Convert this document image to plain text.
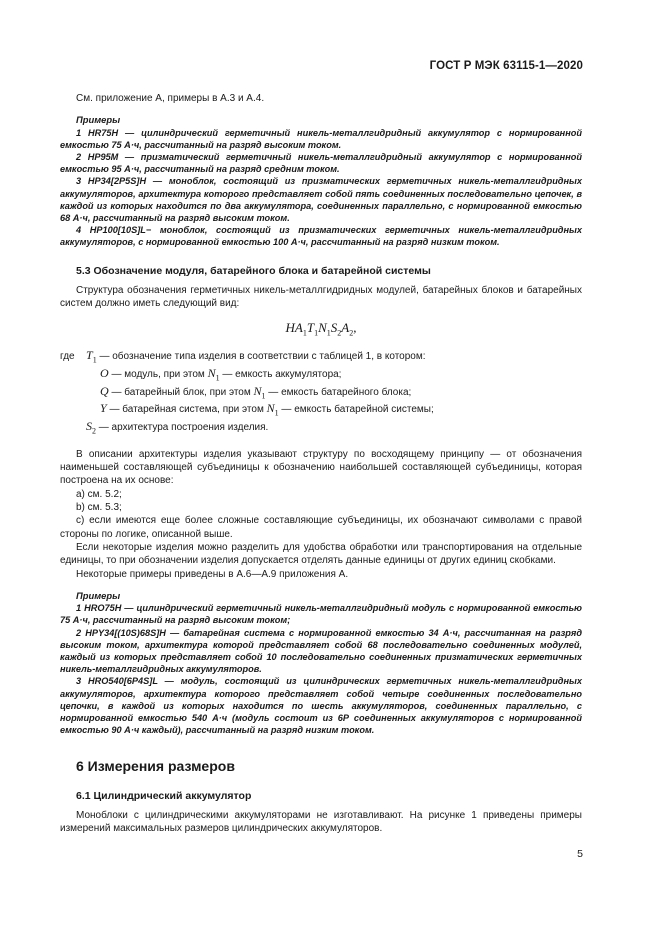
ГОСТ Р МЭК 63115-1—2020

См. приложение А, примеры в А.3 и А.4.

Примеры

1 HR75H — цилиндрический герметичный никель-металлгидридный аккумулятор с нормированной емкостью 75 А·ч, рассчитанный на разряд высоким током.

2 HP95M — призматический герметичный никель-металлгидридный аккумулятор с нормированной емкостью 95 А·ч, рассчитанный на разряд средним током.

3 HP34[2P5S]H — моноблок, состоящий из призматических герметичных никель-металлгидридных аккумуляторов, архитектура которого представляет собой пять соединенных последовательно цепочек, в каждой из которых находится по два аккумулятора, соединенных параллельно, с нормированной емкостью 68 А·ч, рассчитанный на разряд высоким током.

4 HP100[10S]L− моноблок, состоящий из призматических герметичных никель-металлгидридных аккумуляторов, с нормированной емкостью 100 А·ч, рассчитанный на разряд низким током.

5.3 Обозначение модуля, батарейного блока и батарейной системы

Структура обозначения герметичных никель-металлгидридных модулей, батарейных блоков и батарейных систем должно иметь следующий вид:

$HA_1T_1N_1S_2A_2$,
где $T_1$ — обозначение типа изделия в соответствии с таблицей 1, в котором:
O — модуль, при этом $N_1$ — емкость аккумулятора;
Q — батарейный блок, при этом $N_1$ — емкость батарейного блока;
Y — батарейная система, при этом $N_1$ — емкость батарейной системы;
$S_2$ — архитектура построения изделия.

В описании архитектуры изделия указывают структуру по восходящему принципу — от обозначения наименьшей составляющей субъединицы к обозначению наибольшей составляющей субъединицы, которая построена на их основе:

а) см. 5.2;

b) см. 5.3;

с) если имеются еще более сложные составляющие субъединицы, их обозначают символами с правой стороны по логике, описанной выше.

Если некоторые изделия можно разделить для удобства обработки или транспортирования на отдельные единицы, то при обозначении изделия допускается отделять данные единицы от других единиц скобками.

Некоторые примеры приведены в А.6—А.9 приложения А.

Примеры

1 HRO75H — цилиндрический герметичный никель-металлгидридный модуль с нормированной емкостью 75 А·ч, рассчитанный на разряд высоким током;

2 HPY34[(10S)68S]H — батарейная система с нормированной емкостью 34 А·ч, рассчитанная на разряд высоким током, архитектура которой представляет собой 68 последовательно соединенных модулей, каждый из которых представляет собой 10 последовательно соединенных призматических герметичных никель-металлгидридных аккумуляторов.

3 HRO540[6P4S]L — модуль, состоящий из цилиндрических герметичных никель-металлгидридных аккумуляторов, архитектура которого представляет собой четыре соединенных последовательно цепочки, в каждой из которых находится по шесть аккумуляторов, соединенных параллельно, с нормированной емкостью 540 А·ч (модуль состоит из 6Р соединенных аккумуляторов с нормированной емкостью 90 А·ч каждый), рассчитанный на разряд низким током.

6 Измерения размеров
6.1 Цилиндрический аккумулятор

Моноблоки с цилиндрическими аккумуляторами не изготавливают. На рисунке 1 приведены примеры измерений максимальных размеров цилиндрических аккумуляторов.

5
